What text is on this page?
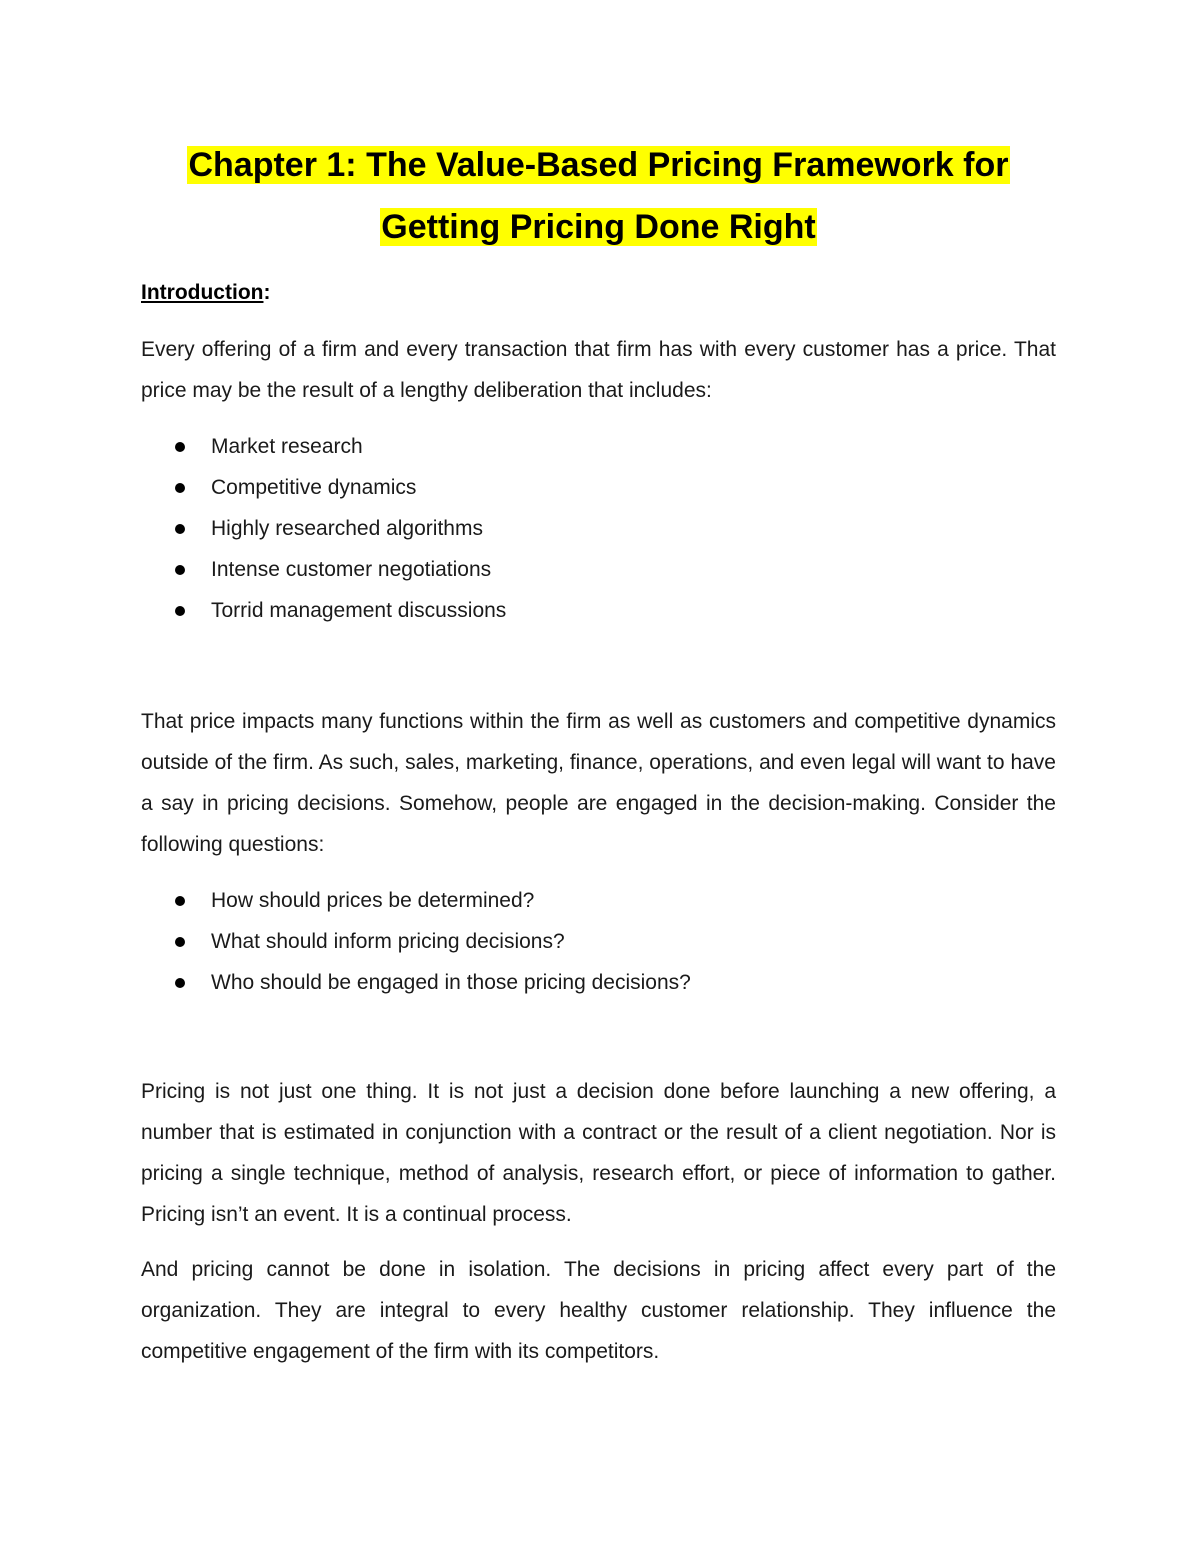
Chapter 1: The Value-Based Pricing Framework for
Getting Pricing Done Right
Introduction:

Every offering of a firm and every transaction that firm has with every customer has a price. That price may be the result of a lengthy deliberation that includes:

Market research
Competitive dynamics
Highly researched algorithms
Intense customer negotiations
Torrid management discussions

That price impacts many functions within the firm as well as customers and competitive dynamics outside of the firm. As such, sales, marketing, finance, operations, and even legal will want to have a say in pricing decisions. Somehow, people are engaged in the decision-making. Consider the following questions:

How should prices be determined?
What should inform pricing decisions?
Who should be engaged in those pricing decisions?

Pricing is not just one thing. It is not just a decision done before launching a new offering, a number that is estimated in conjunction with a contract or the result of a client negotiation. Nor is pricing a single technique, method of analysis, research effort, or piece of information to gather. Pricing isn’t an event. It is a continual process.

And pricing cannot be done in isolation. The decisions in pricing affect every part of the organization. They are integral to every healthy customer relationship. They influence the competitive engagement of the firm with its competitors.
